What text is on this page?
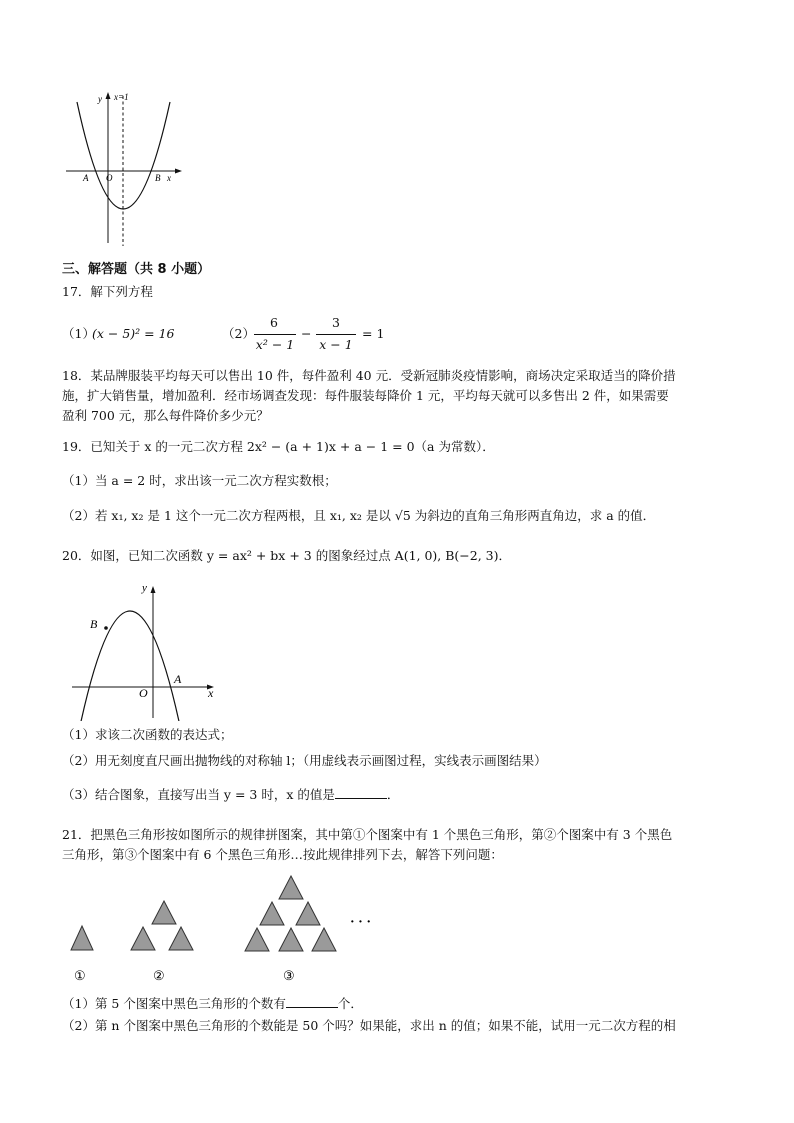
y x=1
A O	B x
三、解答题（共 8 小题）
17．解下列方程
（1）
(x − 5)² = 16	（2）
6
x² − 1
−
3
x − 1
= 1
18．某品牌服装平均每天可以售出 10 件，每件盈利 40 元．受新冠肺炎疫情影响，商场决定采取适当的降价措
施，扩大销售量，增加盈利．经市场调查发现：每件服装每降价 1 元，平均每天就可以多售出 2 件，如果需要
盈利 700 元，那么每件降价多少元？
19．已知关于 x 的一元二次方程 2x² − (a + 1)x + a − 1 = 0（a 为常数）．
（1）当 a = 2 时，求出该一元二次方程实数根；
（2）若 x₁, x₂ 是 1 这个一元二次方程两根，且 x₁, x₂ 是以 √5 为斜边的直角三角形两直角边，求 a 的值．
20．如图，已知二次函数 y = ax² + bx + 3 的图象经过点 A(1, 0), B(−2, 3)．
y
B
O
A
x
（1）求该二次函数的表达式；
（2）用无刻度直尺画出抛物线的对称轴 l；（用虚线表示画图过程，实线表示画图结果）
（3）结合图象，直接写出当 y = 3 时，x 的值是	．
21．把黑色三角形按如图所示的规律拼图案，其中第①个图案中有 1 个黑色三角形，第②个图案中有 3 个黑色
三角形，第③个图案中有 6 个黑色三角形…按此规律排列下去，解答下列问题：
· · ·
①	②	③
（1）第 5 个图案中黑色三角形的个数有	个．
（2）第 n 个图案中黑色三角形的个数能是 50 个吗？如果能，求出 n 的值；如果不能，试用一元二次方程的相
